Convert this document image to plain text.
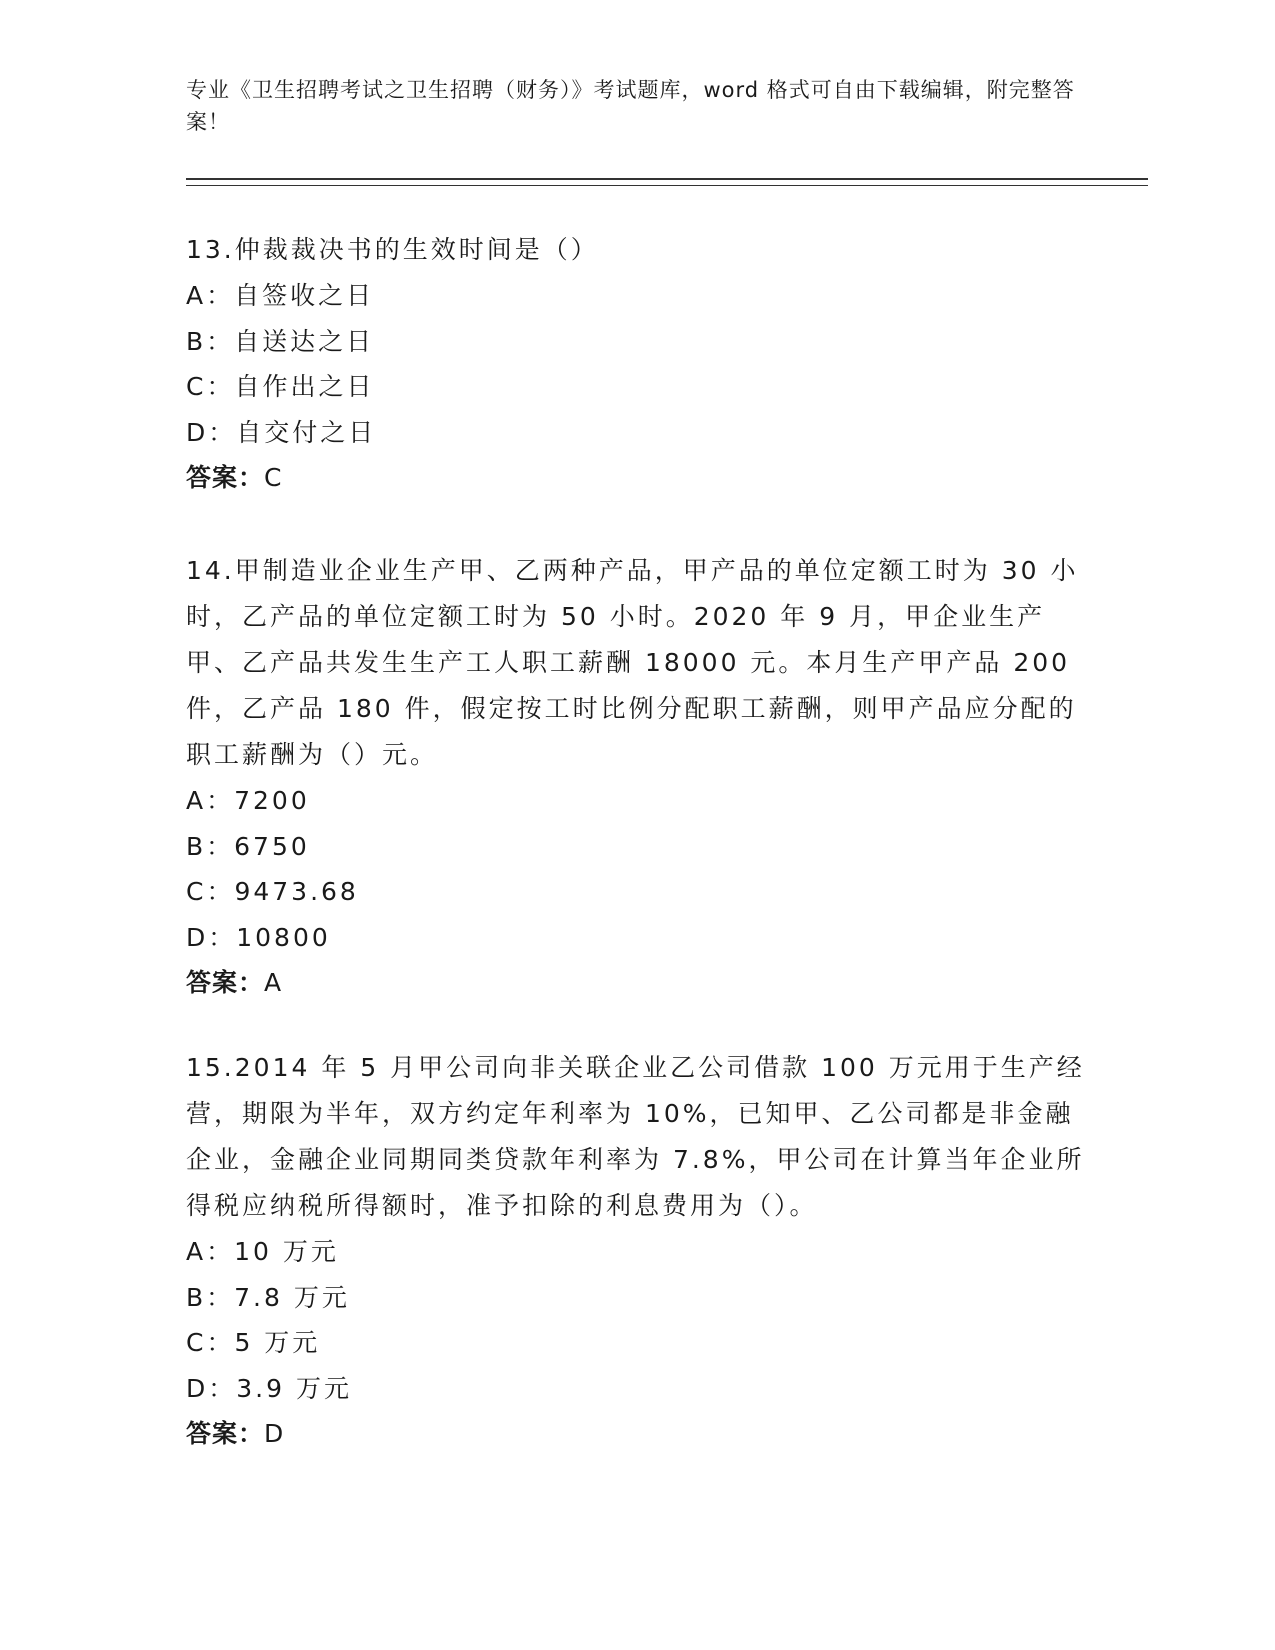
专业《卫生招聘考试之卫生招聘（财务）》考试题库，word 格式可自由下载编辑，附完整答案！

13.仲裁裁决书的生效时间是（）

A：自签收之日

B：自送达之日

C：自作出之日

D：自交付之日

答案：C

14.甲制造业企业生产甲、乙两种产品，甲产品的单位定额工时为 30 小时，乙产品的单位定额工时为 50 小时。2020 年 9 月，甲企业生产甲、乙产品共发生生产工人职工薪酬 18000 元。本月生产甲产品 200 件，乙产品 180 件，假定按工时比例分配职工薪酬，则甲产品应分配的职工薪酬为（）元。

A：7200

B：6750

C：9473.68

D：10800

答案：A

15.2014 年 5 月甲公司向非关联企业乙公司借款 100 万元用于生产经营，期限为半年，双方约定年利率为 10%，已知甲、乙公司都是非金融企业，金融企业同期同类贷款年利率为 7.8%，甲公司在计算当年企业所得税应纳税所得额时，准予扣除的利息费用为（）。

A：10 万元

B：7.8 万元

C：5 万元

D：3.9 万元

答案：D
